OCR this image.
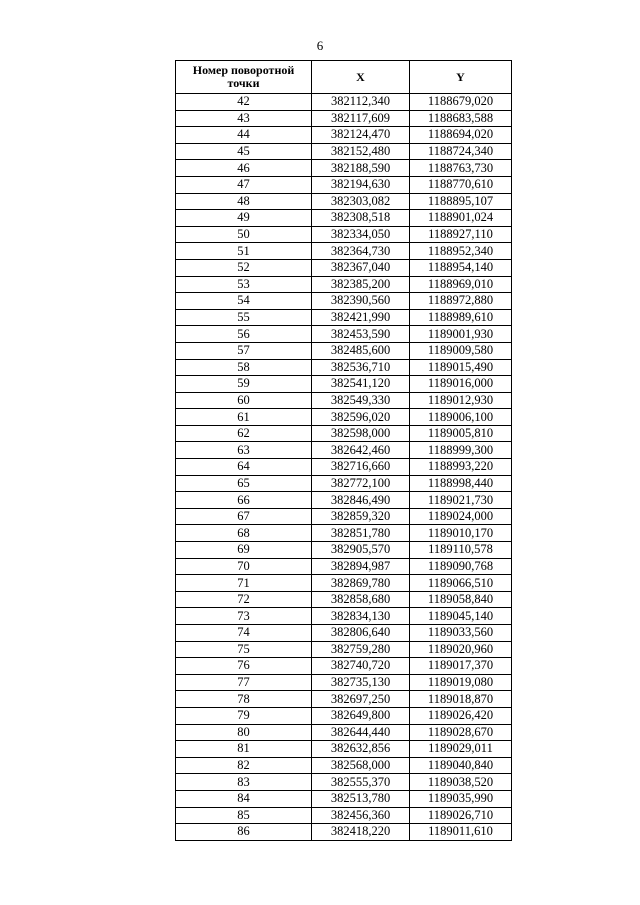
6
Номер поворотной точки	X	Y
42	382112,340	1188679,020
43	382117,609	1188683,588
44	382124,470	1188694,020
45	382152,480	1188724,340
46	382188,590	1188763,730
47	382194,630	1188770,610
48	382303,082	1188895,107
49	382308,518	1188901,024
50	382334,050	1188927,110
51	382364,730	1188952,340
52	382367,040	1188954,140
53	382385,200	1188969,010
54	382390,560	1188972,880
55	382421,990	1188989,610
56	382453,590	1189001,930
57	382485,600	1189009,580
58	382536,710	1189015,490
59	382541,120	1189016,000
60	382549,330	1189012,930
61	382596,020	1189006,100
62	382598,000	1189005,810
63	382642,460	1188999,300
64	382716,660	1188993,220
65	382772,100	1188998,440
66	382846,490	1189021,730
67	382859,320	1189024,000
68	382851,780	1189010,170
69	382905,570	1189110,578
70	382894,987	1189090,768
71	382869,780	1189066,510
72	382858,680	1189058,840
73	382834,130	1189045,140
74	382806,640	1189033,560
75	382759,280	1189020,960
76	382740,720	1189017,370
77	382735,130	1189019,080
78	382697,250	1189018,870
79	382649,800	1189026,420
80	382644,440	1189028,670
81	382632,856	1189029,011
82	382568,000	1189040,840
83	382555,370	1189038,520
84	382513,780	1189035,990
85	382456,360	1189026,710
86	382418,220	1189011,610
